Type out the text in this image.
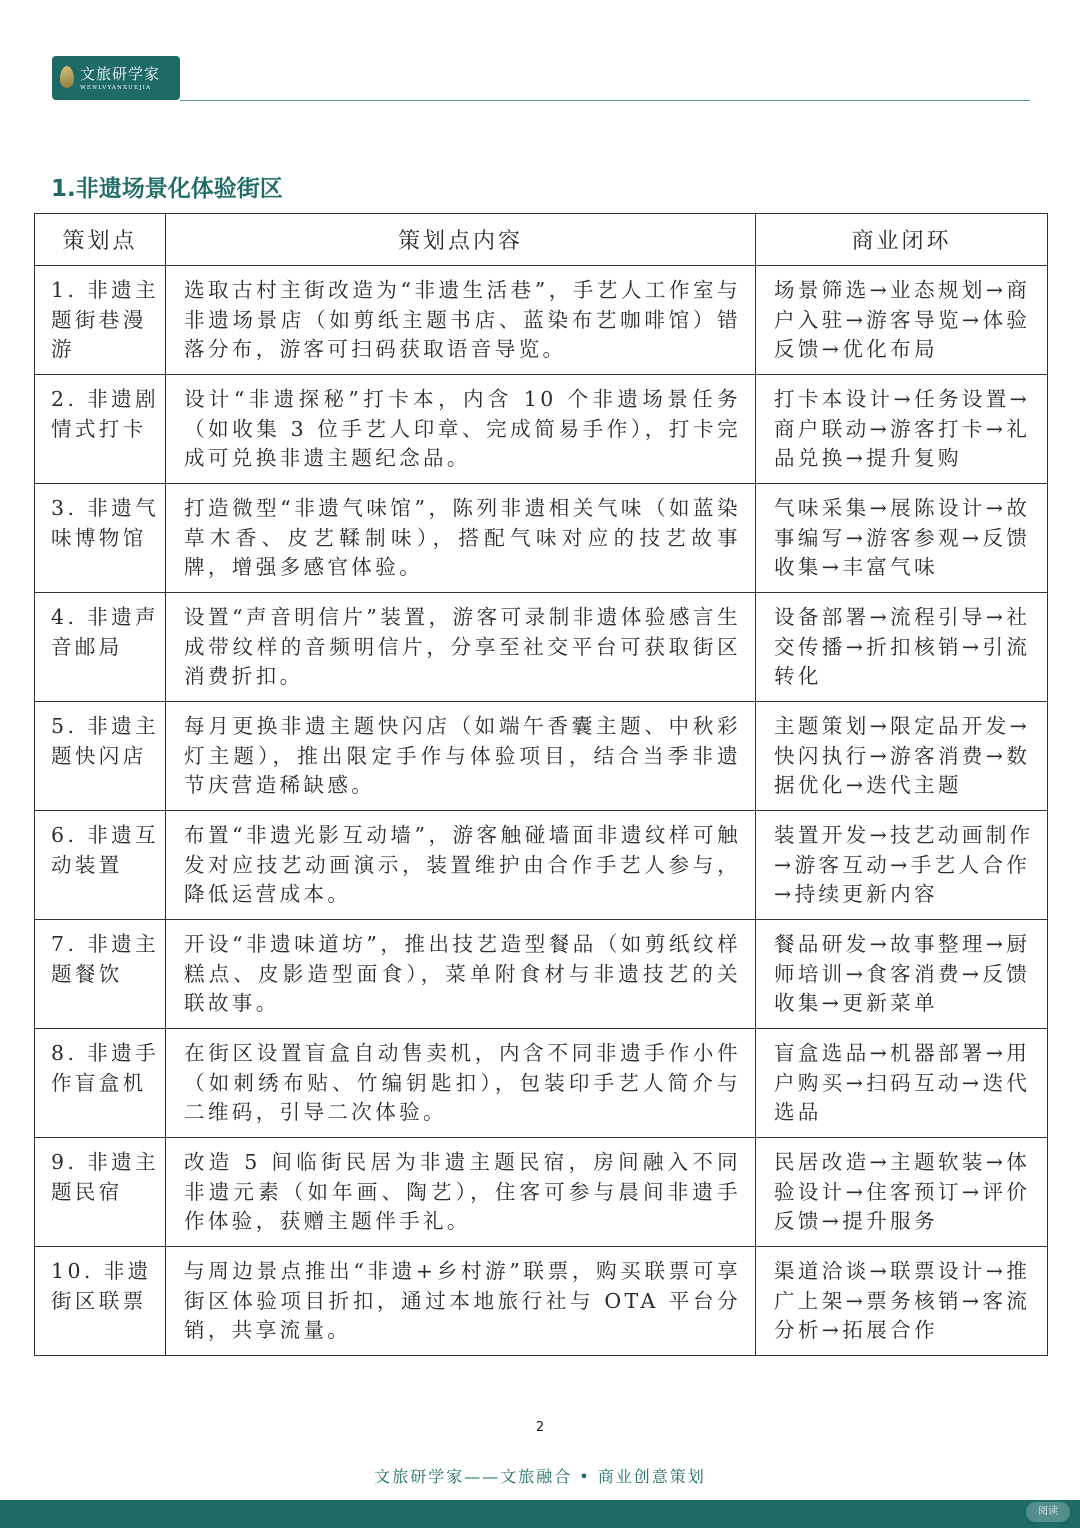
文旅研学家
WENLVYANXUEJIA
1.非遗场景化体验街区
策划点	策划点内容	商业闭环
1. 非遗主题街巷漫游	选取古村主街改造为“非遗生活巷”，手艺人工作室与非遗场景店（如剪纸主题书店、蓝染布艺咖啡馆）错落分布，游客可扫码获取语音导览。	场景筛选→业态规划→商户入驻→游客导览→体验反馈→优化布局
2. 非遗剧情式打卡	设计“非遗探秘”打卡本，内含 10 个非遗场景任务（如收集 3 位手艺人印章、完成简易手作），打卡完成可兑换非遗主题纪念品。	打卡本设计→任务设置→商户联动→游客打卡→礼品兑换→提升复购
3. 非遗气味博物馆	打造微型“非遗气味馆”，陈列非遗相关气味（如蓝染草木香、皮艺鞣制味），搭配气味对应的技艺故事牌，增强多感官体验。	气味采集→展陈设计→故事编写→游客参观→反馈收集→丰富气味
4. 非遗声音邮局	设置“声音明信片”装置，游客可录制非遗体验感言生成带纹样的音频明信片，分享至社交平台可获取街区消费折扣。	设备部署→流程引导→社交传播→折扣核销→引流转化
5. 非遗主题快闪店	每月更换非遗主题快闪店（如端午香囊主题、中秋彩灯主题），推出限定手作与体验项目，结合当季非遗节庆营造稀缺感。	主题策划→限定品开发→快闪执行→游客消费→数据优化→迭代主题
6. 非遗互动装置	布置“非遗光影互动墙”，游客触碰墙面非遗纹样可触发对应技艺动画演示，装置维护由合作手艺人参与，降低运营成本。	装置开发→技艺动画制作→游客互动→手艺人合作→持续更新内容
7. 非遗主题餐饮	开设“非遗味道坊”，推出技艺造型餐品（如剪纸纹样糕点、皮影造型面食），菜单附食材与非遗技艺的关联故事。	餐品研发→故事整理→厨师培训→食客消费→反馈收集→更新菜单
8. 非遗手作盲盒机	在街区设置盲盒自动售卖机，内含不同非遗手作小件（如刺绣布贴、竹编钥匙扣），包装印手艺人简介与二维码，引导二次体验。	盲盒选品→机器部署→用户购买→扫码互动→迭代选品
9. 非遗主题民宿	改造 5 间临街民居为非遗主题民宿，房间融入不同非遗元素（如年画、陶艺），住客可参与晨间非遗手作体验，获赠主题伴手礼。	民居改造→主题软装→体验设计→住客预订→评价反馈→提升服务
10. 非遗街区联票	与周边景点推出“非遗+乡村游”联票，购买联票可享街区体验项目折扣，通过本地旅行社与 OTA 平台分销，共享流量。	渠道洽谈→联票设计→推广上架→票务核销→客流分析→拓展合作
2
文旅研学家——文旅融合 • 商业创意策划
阅读
